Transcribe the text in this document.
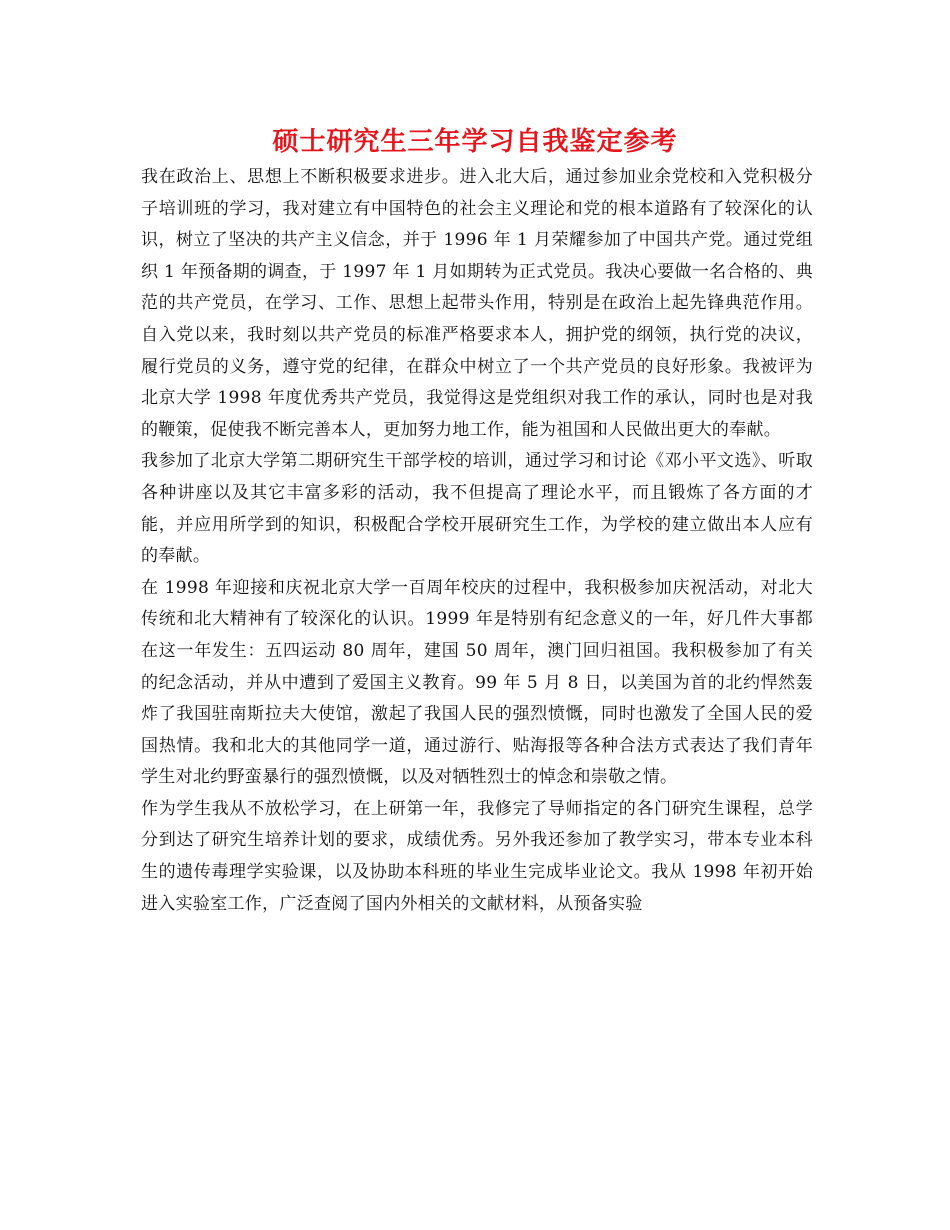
硕士研究生三年学习自我鉴定参考

我在政治上、思想上不断积极要求进步。进入北大后，通过参加业余党校和入党积极分子培训班的学习，我对建立有中国特色的社会主义理论和党的根本道路有了较深化的认识，树立了坚决的共产主义信念，并于 1996 年 1 月荣耀参加了中国共产党。通过党组织 1 年预备期的调查，于 1997 年 1 月如期转为正式党员。我决心要做一名合格的、典范的共产党员，在学习、工作、思想上起带头作用，特别是在政治上起先锋典范作用。自入党以来，我时刻以共产党员的标准严格要求本人，拥护党的纲领，执行党的决议，履行党员的义务，遵守党的纪律，在群众中树立了一个共产党员的良好形象。我被评为北京大学 1998 年度优秀共产党员，我觉得这是党组织对我工作的承认，同时也是对我的鞭策，促使我不断完善本人，更加努力地工作，能为祖国和人民做出更大的奉献。

我参加了北京大学第二期研究生干部学校的培训，通过学习和讨论《邓小平文选》、听取各种讲座以及其它丰富多彩的活动，我不但提高了理论水平，而且锻炼了各方面的才能，并应用所学到的知识，积极配合学校开展研究生工作，为学校的建立做出本人应有的奉献。

在 1998 年迎接和庆祝北京大学一百周年校庆的过程中，我积极参加庆祝活动，对北大传统和北大精神有了较深化的认识。1999 年是特别有纪念意义的一年，好几件大事都在这一年发生：五四运动 80 周年，建国 50 周年，澳门回归祖国。我积极参加了有关的纪念活动，并从中遭到了爱国主义教育。99 年 5 月 8 日，以美国为首的北约悍然轰炸了我国驻南斯拉夫大使馆，激起了我国人民的强烈愤慨，同时也激发了全国人民的爱国热情。我和北大的其他同学一道，通过游行、贴海报等各种合法方式表达了我们青年学生对北约野蛮暴行的强烈愤慨，以及对牺牲烈士的悼念和崇敬之情。

作为学生我从不放松学习，在上研第一年，我修完了导师指定的各门研究生课程，总学分到达了研究生培养计划的要求，成绩优秀。另外我还参加了教学实习，带本专业本科生的遗传毒理学实验课，以及协助本科班的毕业生完成毕业论文。我从 1998 年初开始进入实验室工作，广泛查阅了国内外相关的文献材料，从预备实验
